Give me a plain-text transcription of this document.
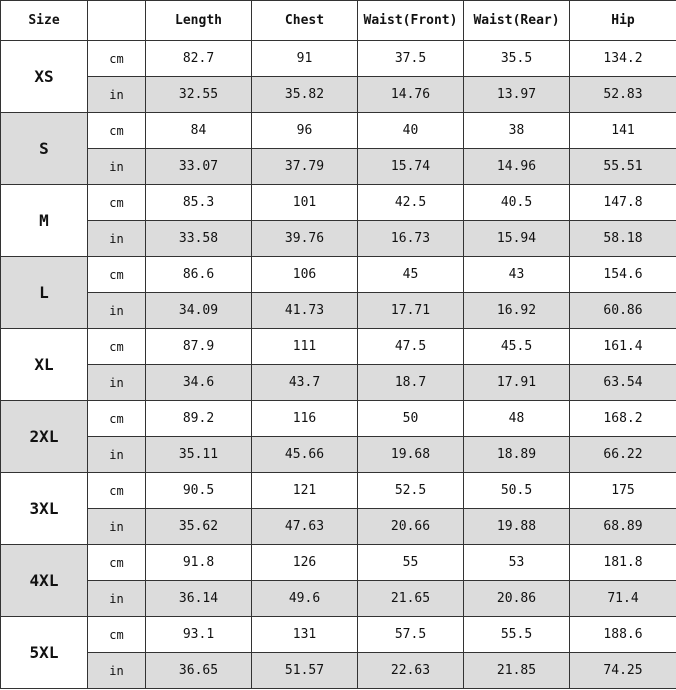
Size		Length	Chest	Waist(Front)	Waist(Rear)	Hip
XS	cm	82.7	91	37.5	35.5	134.2
	in	32.55	35.82	14.76	13.97	52.83
S	cm	84	96	40	38	141
	in	33.07	37.79	15.74	14.96	55.51
M	cm	85.3	101	42.5	40.5	147.8
	in	33.58	39.76	16.73	15.94	58.18
L	cm	86.6	106	45	43	154.6
	in	34.09	41.73	17.71	16.92	60.86
XL	cm	87.9	111	47.5	45.5	161.4
	in	34.6	43.7	18.7	17.91	63.54
2XL	cm	89.2	116	50	48	168.2
	in	35.11	45.66	19.68	18.89	66.22
3XL	cm	90.5	121	52.5	50.5	175
	in	35.62	47.63	20.66	19.88	68.89
4XL	cm	91.8	126	55	53	181.8
	in	36.14	49.6	21.65	20.86	71.4
5XL	cm	93.1	131	57.5	55.5	188.6
	in	36.65	51.57	22.63	21.85	74.25
